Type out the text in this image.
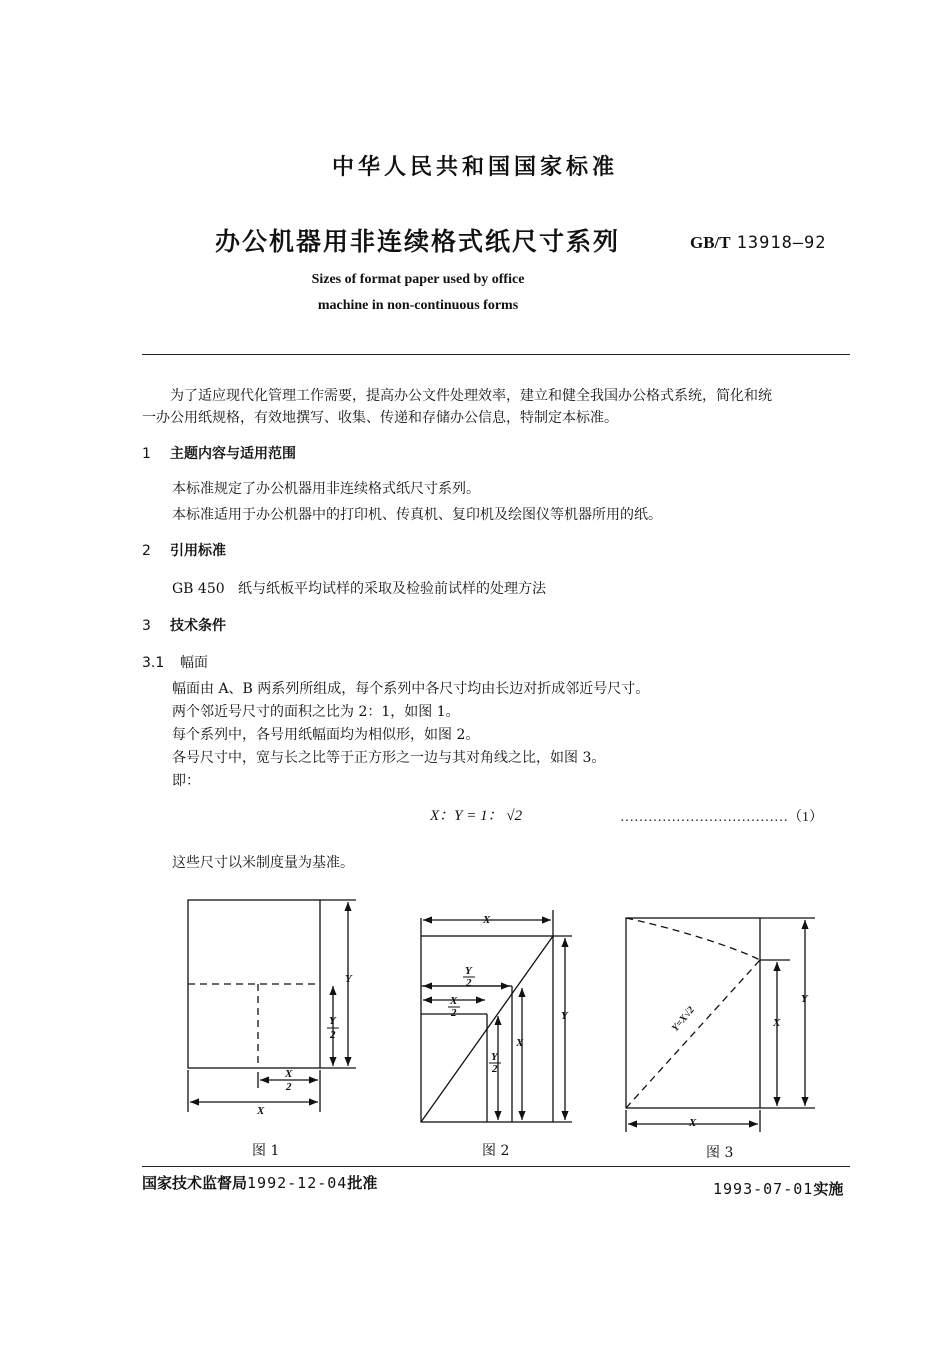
中华人民共和国国家标准
办公机器用非连续格式纸尺寸系列	GB/T 13918—92
Sizes of format paper used by office
machine in non-continuous forms
为了适应现代化管理工作需要，提高办公文件处理效率，建立和健全我国办公格式系统，简化和统
一办公用纸规格，有效地撰写、收集、传递和存储办公信息，特制定本标准。
1 主题内容与适用范围
本标准规定了办公机器用非连续格式纸尺寸系列。
本标准适用于办公机器中的打印机、传真机、复印机及绘图仪等机器所用的纸。
2 引用标准
GB 450   纸与纸板平均试样的采取及检验前试样的处理方法
3 技术条件
3.1 幅面
幅面由 A、B 两系列所组成，每个系列中各尺寸均由长边对折成邻近号尺寸。
两个邻近号尺寸的面积之比为 2：1，如图 1。
每个系列中，各号用纸幅面均为相似形，如图 2。
各号尺寸中，宽与长之比等于正方形之一边与其对角线之比，如图 3。
即：
X：Y = 1： √2	………………………………（1）
这些尺寸以米制度量为基准。
Y
Y
2
X
2
X
X
Y
Y
2
X
2
X
Y
2
Y
X
X
Y=X√2
图 1	图 2	图 3
国家技术监督局1992-12-04批准	1993-07-01实施
